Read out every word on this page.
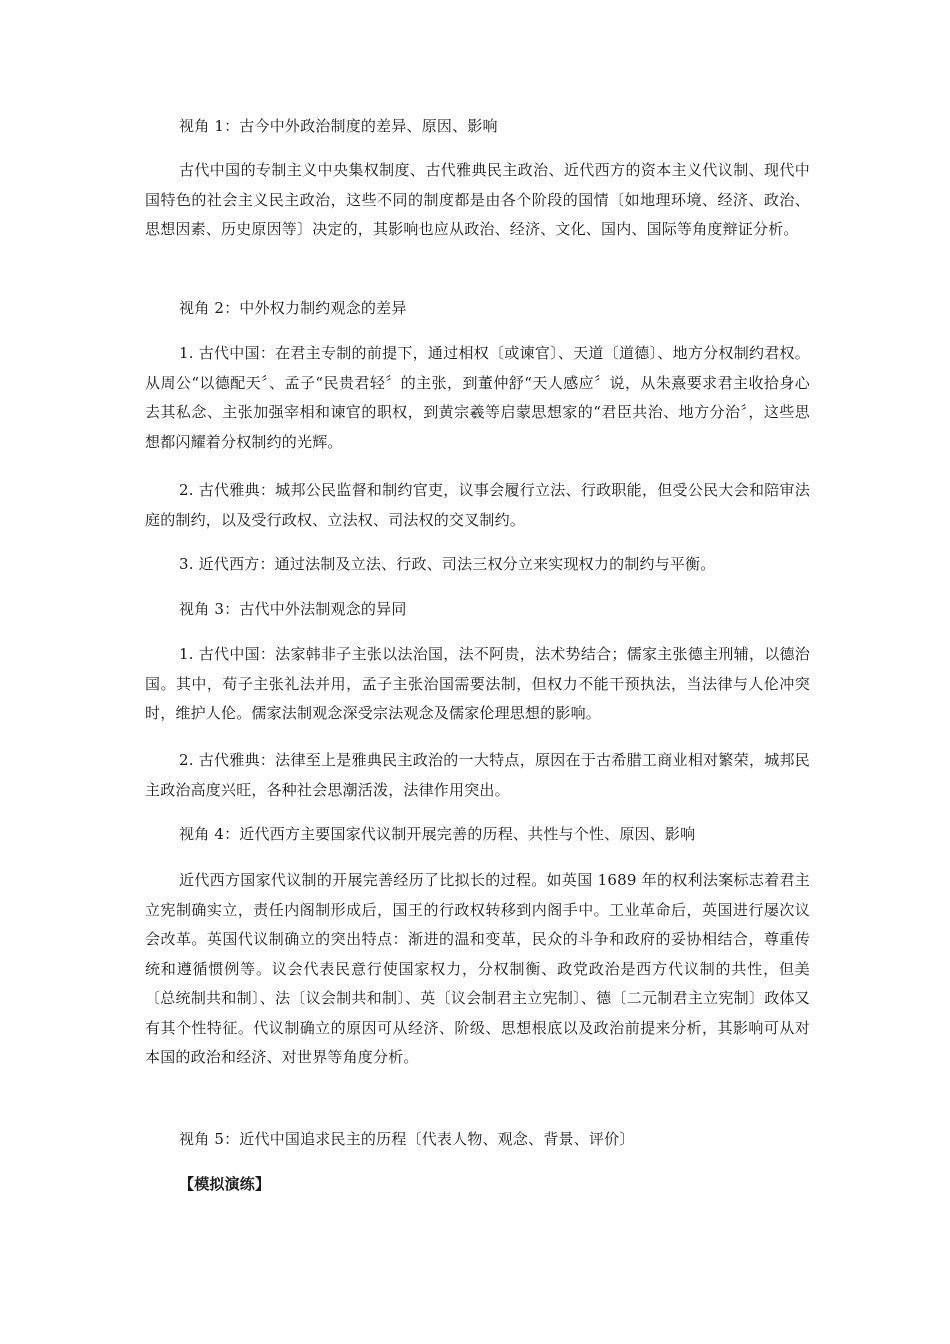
视角 1：古今中外政治制度的差异、原因、影响

古代中国的专制主义中央集权制度、古代雅典民主政治、近代西方的资本主义代议制、现代中国特色的社会主义民主政治，这些不同的制度都是由各个阶段的国情〔如地理环境、经济、政治、思想因素、历史原因等〕决定的，其影响也应从政治、经济、文化、国内、国际等角度辩证分析。

视角 2：中外权力制约观念的差异

1. 古代中国：在君主专制的前提下，通过相权〔或谏官〕、天道〔道德〕、地方分权制约君权。从周公“以德配天〞、孟子“民贵君轻〞的主张，到董仲舒“天人感应〞说，从朱熹要求君主收拾身心去其私念、主张加强宰相和谏官的职权，到黄宗羲等启蒙思想家的“君臣共治、地方分治〞，这些思想都闪耀着分权制约的光辉。

2. 古代雅典：城邦公民监督和制约官吏，议事会履行立法、行政职能，但受公民大会和陪审法庭的制约，以及受行政权、立法权、司法权的交叉制约。

3. 近代西方：通过法制及立法、行政、司法三权分立来实现权力的制约与平衡。

视角 3：古代中外法制观念的异同

1. 古代中国：法家韩非子主张以法治国，法不阿贵，法术势结合；儒家主张德主刑辅，以德治国。其中，荀子主张礼法并用，孟子主张治国需要法制，但权力不能干预执法，当法律与人伦冲突时，维护人伦。儒家法制观念深受宗法观念及儒家伦理思想的影响。

2. 古代雅典：法律至上是雅典民主政治的一大特点，原因在于古希腊工商业相对繁荣，城邦民主政治高度兴旺，各种社会思潮活泼，法律作用突出。

视角 4：近代西方主要国家代议制开展完善的历程、共性与个性、原因、影响

近代西方国家代议制的开展完善经历了比拟长的过程。如英国 1689 年的权利法案标志着君主立宪制确实立，责任内阁制形成后，国王的行政权转移到内阁手中。工业革命后，英国进行屡次议会改革。英国代议制确立的突出特点：渐进的温和变革，民众的斗争和政府的妥协相结合，尊重传统和遵循惯例等。议会代表民意行使国家权力，分权制衡、政党政治是西方代议制的共性，但美〔总统制共和制〕、法〔议会制共和制〕、英〔议会制君主立宪制〕、德〔二元制君主立宪制〕政体又有其个性特征。代议制确立的原因可从经济、阶级、思想根底以及政治前提来分析，其影响可从对本国的政治和经济、对世界等角度分析。

视角 5：近代中国追求民主的历程〔代表人物、观念、背景、评价〕

【模拟演练】
